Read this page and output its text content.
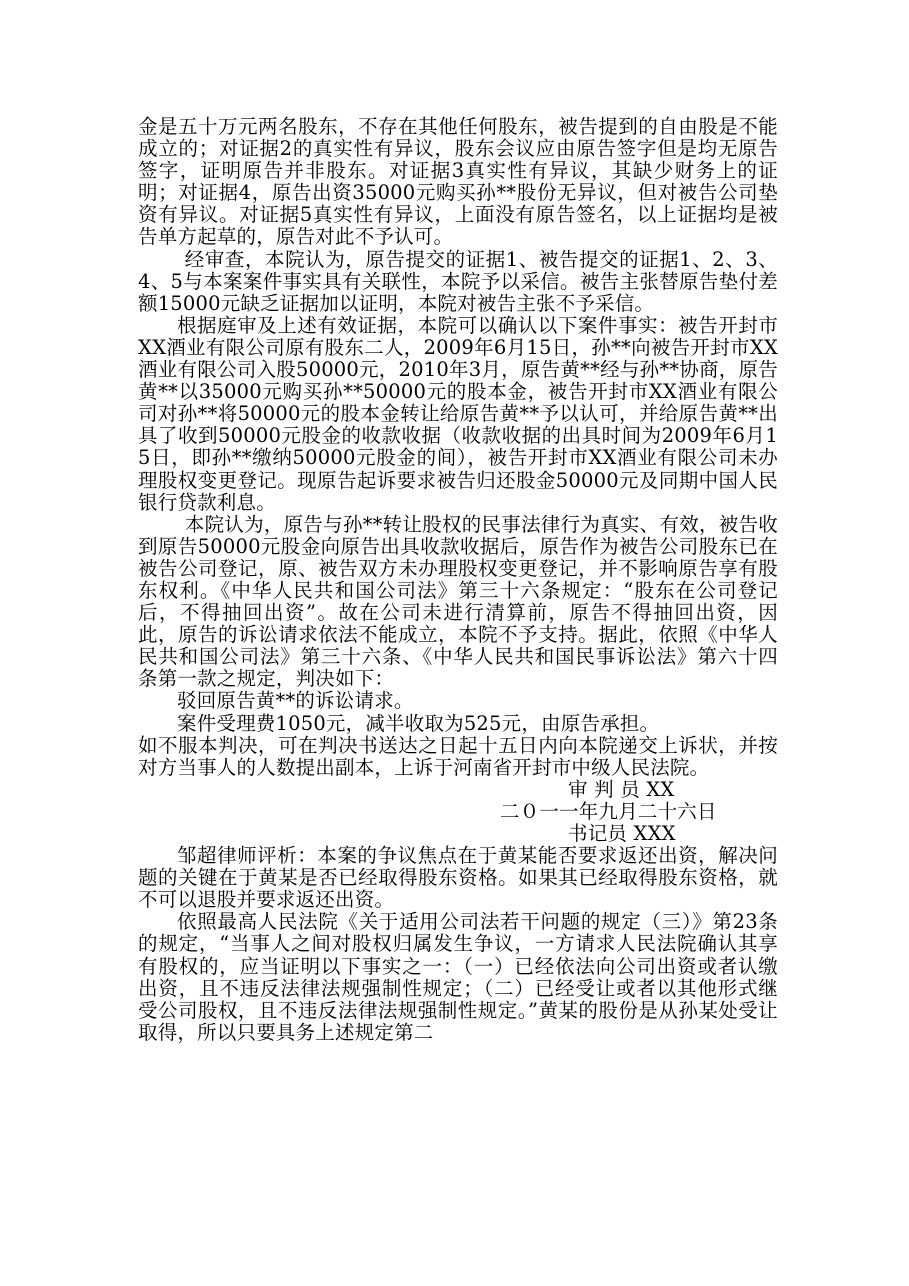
金是五十万元两名股东，不存在其他任何股东，被告提到的自由股是不能成立的；对证据2的真实性有异议，股东会议应由原告签字但是均无原告签字，证明原告并非股东。对证据3真实性有异议，其缺少财务上的证明；对证据4，原告出资35000元购买孙**股份无异议，但对被告公司垫资有异议。对证据5真实性有异议，上面没有原告签名，以上证据均是被告单方起草的，原告对此不予认可。

经审查，本院认为，原告提交的证据1、被告提交的证据1、2、3、4、5与本案案件事实具有关联性，本院予以采信。被告主张替原告垫付差额15000元缺乏证据加以证明，本院对被告主张不予采信。

根据庭审及上述有效证据，本院可以确认以下案件事实：被告开封市XX酒业有限公司原有股东二人，2009年6月15日，孙**向被告开封市XX酒业有限公司入股50000元，2010年3月，原告黄**经与孙**协商，原告黄**以35000元购买孙**50000元的股本金，被告开封市XX酒业有限公司对孙**将50000元的股本金转让给原告黄**予以认可，并给原告黄**出具了收到50000元股金的收款收据（收款收据的出具时间为2009年6月15日，即孙**缴纳50000元股金的间），被告开封市XX酒业有限公司未办理股权变更登记。现原告起诉要求被告归还股金50000元及同期中国人民银行贷款利息。

本院认为，原告与孙**转让股权的民事法律行为真实、有效，被告收到原告50000元股金向原告出具收款收据后，原告作为被告公司股东已在被告公司登记，原、被告双方未办理股权变更登记，并不影响原告享有股东权利。《中华人民共和国公司法》第三十六条规定：“股东在公司登记后，不得抽回出资”。故在公司未进行清算前，原告不得抽回出资，因此，原告的诉讼请求依法不能成立，本院不予支持。据此，依照《中华人民共和国公司法》第三十六条、《中华人民共和国民事诉讼法》第六十四条第一款之规定，判决如下：

驳回原告黄**的诉讼请求。

案件受理费1050元，减半收取为525元，由原告承担。

如不服本判决，可在判决书送达之日起十五日内向本院递交上诉状，并按对方当事人的人数提出副本，上诉于河南省开封市中级人民法院。

审 判 员 XX

二０一一年九月二十六日

书记员 XXX

邹超律师评析：本案的争议焦点在于黄某能否要求返还出资，解决问题的关键在于黄某是否已经取得股东资格。如果其已经取得股东资格，就不可以退股并要求返还出资。

依照最高人民法院《关于适用公司法若干问题的规定（三）》第23条的规定，“当事人之间对股权归属发生争议，一方请求人民法院确认其享有股权的，应当证明以下事实之一：（一）已经依法向公司出资或者认缴出资，且不违反法律法规强制性规定；（二）已经受让或者以其他形式继受公司股权，且不违反法律法规强制性规定。”黄某的股份是从孙某处受让取得，所以只要具务上述规定第二
